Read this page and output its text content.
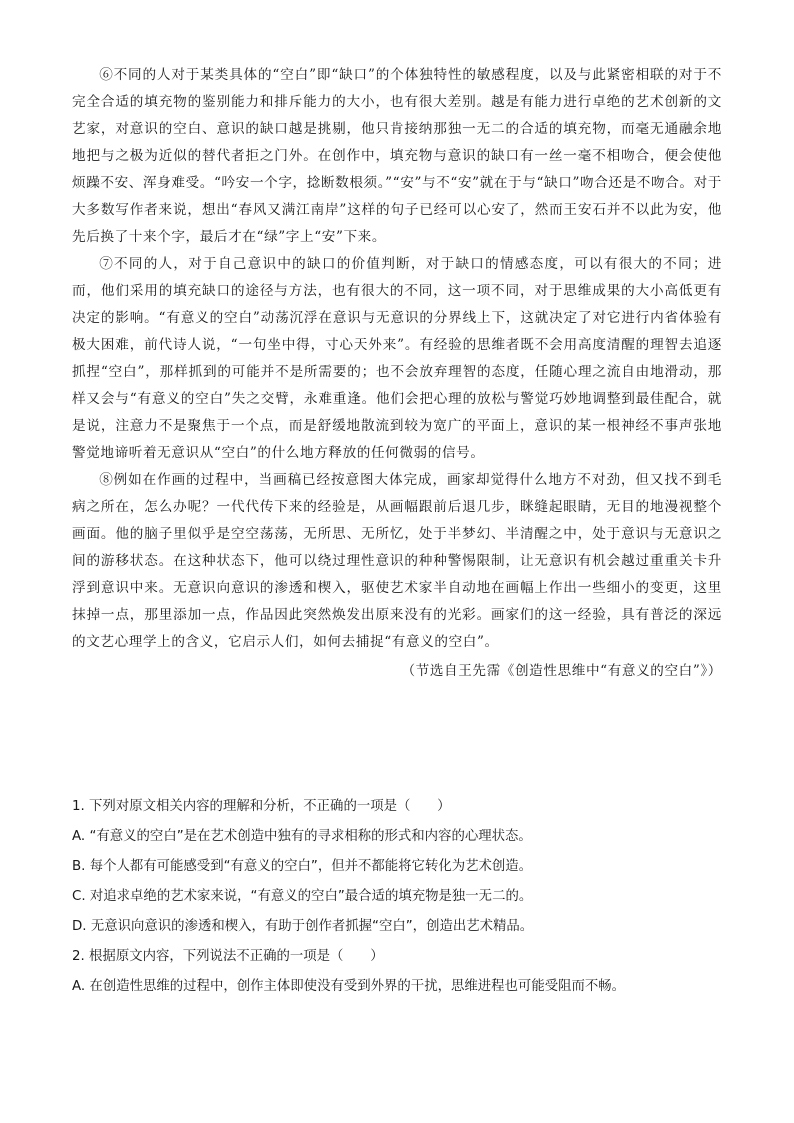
⑥不同的人对于某类具体的“空白”即“缺口”的个体独特性的敏感程度，以及与此紧密相联的对于不完全合适的填充物的鉴别能力和排斥能力的大小，也有很大差别。越是有能力进行卓绝的艺术创新的文艺家，对意识的空白、意识的缺口越是挑剔，他只肯接纳那独一无二的合适的填充物，而毫无通融余地地把与之极为近似的替代者拒之门外。在创作中，填充物与意识的缺口有一丝一毫不相吻合，便会使他烦躁不安、浑身难受。“吟安一个字，捻断数根须。”“安”与不“安”就在于与“缺口”吻合还是不吻合。对于大多数写作者来说，想出“春风又满江南岸”这样的句子已经可以心安了，然而王安石并不以此为安，他先后换了十来个字，最后才在“绿”字上“安”下来。

⑦不同的人，对于自己意识中的缺口的价值判断，对于缺口的情感态度，可以有很大的不同；进而，他们采用的填充缺口的途径与方法，也有很大的不同，这一项不同，对于思维成果的大小高低更有决定的影响。“有意义的空白”动荡沉浮在意识与无意识的分界线上下，这就决定了对它进行内省体验有极大困难，前代诗人说，“一句坐中得，寸心天外来”。有经验的思维者既不会用高度清醒的理智去追逐抓捏“空白”，那样抓到的可能并不是所需要的；也不会放弃理智的态度，任随心理之流自由地滑动，那样又会与“有意义的空白”失之交臂，永难重逢。他们会把心理的放松与警觉巧妙地调整到最佳配合，就是说，注意力不是聚焦于一个点，而是舒缓地散流到较为宽广的平面上，意识的某一根神经不事声张地警觉地谛听着无意识从“空白”的什么地方释放的任何微弱的信号。

⑧例如在作画的过程中，当画稿已经按意图大体完成，画家却觉得什么地方不对劲，但又找不到毛病之所在，怎么办呢？一代代传下来的经验是，从画幅跟前后退几步，眯缝起眼睛，无目的地漫视整个画面。他的脑子里似乎是空空荡荡，无所思、无所忆，处于半梦幻、半清醒之中，处于意识与无意识之间的游移状态。在这种状态下，他可以绕过理性意识的种种警惕限制，让无意识有机会越过重重关卡升浮到意识中来。无意识向意识的渗透和楔入，驱使艺术家半自动地在画幅上作出一些细小的变更，这里抹掉一点，那里添加一点，作品因此突然焕发出原来没有的光彩。画家们的这一经验，具有普泛的深远的文艺心理学上的含义，它启示人们，如何去捕捉“有意义的空白”。

（节选自王先霈《创造性思维中“有意义的空白”》）

1. 下列对原文相关内容的理解和分析，不正确的一项是（　　）
A. “有意义的空白”是在艺术创造中独有的寻求相称的形式和内容的心理状态。
B. 每个人都有可能感受到“有意义的空白”，但并不都能将它转化为艺术创造。
C. 对追求卓绝的艺术家来说，“有意义的空白”最合适的填充物是独一无二的。
D. 无意识向意识的渗透和楔入，有助于创作者抓握“空白”，创造出艺术精品。
2. 根据原文内容，下列说法不正确的一项是（　　）
A. 在创造性思维的过程中，创作主体即使没有受到外界的干扰，思维进程也可能受阻而不畅。
